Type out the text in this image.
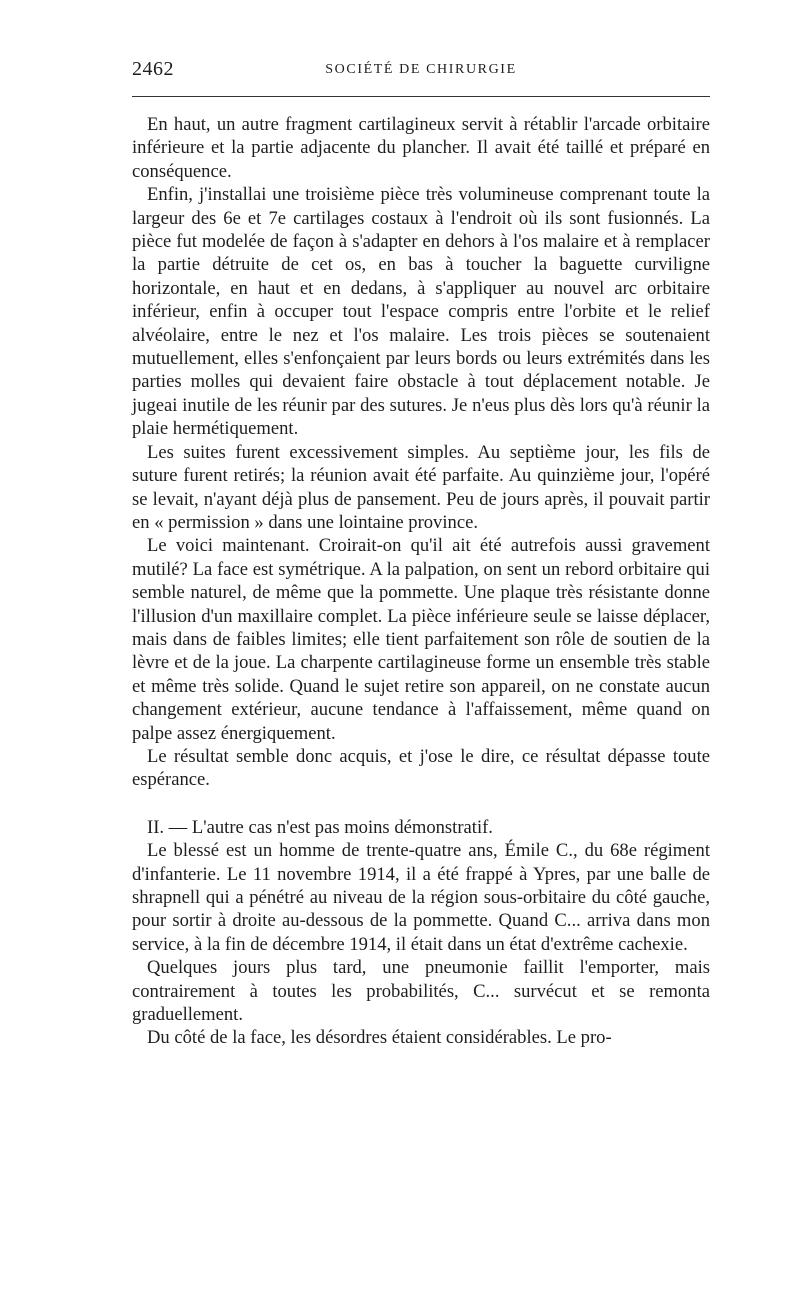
2462	SOCIÉTÉ DE CHIRURGIE

En haut, un autre fragment cartilagineux servit à rétablir l'arcade orbitaire inférieure et la partie adjacente du plancher. Il avait été taillé et préparé en conséquence.

Enfin, j'installai une troisième pièce très volumineuse comprenant toute la largeur des 6e et 7e cartilages costaux à l'endroit où ils sont fusionnés. La pièce fut modelée de façon à s'adapter en dehors à l'os malaire et à remplacer la partie détruite de cet os, en bas à toucher la baguette curviligne horizontale, en haut et en dedans, à s'appliquer au nouvel arc orbitaire inférieur, enfin à occuper tout l'espace compris entre l'orbite et le relief alvéolaire, entre le nez et l'os malaire. Les trois pièces se soutenaient mutuellement, elles s'enfonçaient par leurs bords ou leurs extrémités dans les parties molles qui devaient faire obstacle à tout déplacement notable. Je jugeai inutile de les réunir par des sutures. Je n'eus plus dès lors qu'à réunir la plaie hermétiquement.

Les suites furent excessivement simples. Au septième jour, les fils de suture furent retirés; la réunion avait été parfaite. Au quinzième jour, l'opéré se levait, n'ayant déjà plus de pansement. Peu de jours après, il pouvait partir en « permission » dans une lointaine province.

Le voici maintenant. Croirait-on qu'il ait été autrefois aussi gravement mutilé? La face est symétrique. A la palpation, on sent un rebord orbitaire qui semble naturel, de même que la pommette. Une plaque très résistante donne l'illusion d'un maxillaire complet. La pièce inférieure seule se laisse déplacer, mais dans de faibles limites; elle tient parfaitement son rôle de soutien de la lèvre et de la joue. La charpente cartilagineuse forme un ensemble très stable et même très solide. Quand le sujet retire son appareil, on ne constate aucun changement extérieur, aucune tendance à l'affaissement, même quand on palpe assez énergiquement.

Le résultat semble donc acquis, et j'ose le dire, ce résultat dépasse toute espérance.

II. — L'autre cas n'est pas moins démonstratif.

Le blessé est un homme de trente-quatre ans, Émile C., du 68e régiment d'infanterie. Le 11 novembre 1914, il a été frappé à Ypres, par une balle de shrapnell qui a pénétré au niveau de la région sous-orbitaire du côté gauche, pour sortir à droite au-dessous de la pommette. Quand C... arriva dans mon service, à la fin de décembre 1914, il était dans un état d'extrême cachexie.

Quelques jours plus tard, une pneumonie faillit l'emporter, mais contrairement à toutes les probabilités, C... survécut et se remonta graduellement.

Du côté de la face, les désordres étaient considérables. Le pro-
